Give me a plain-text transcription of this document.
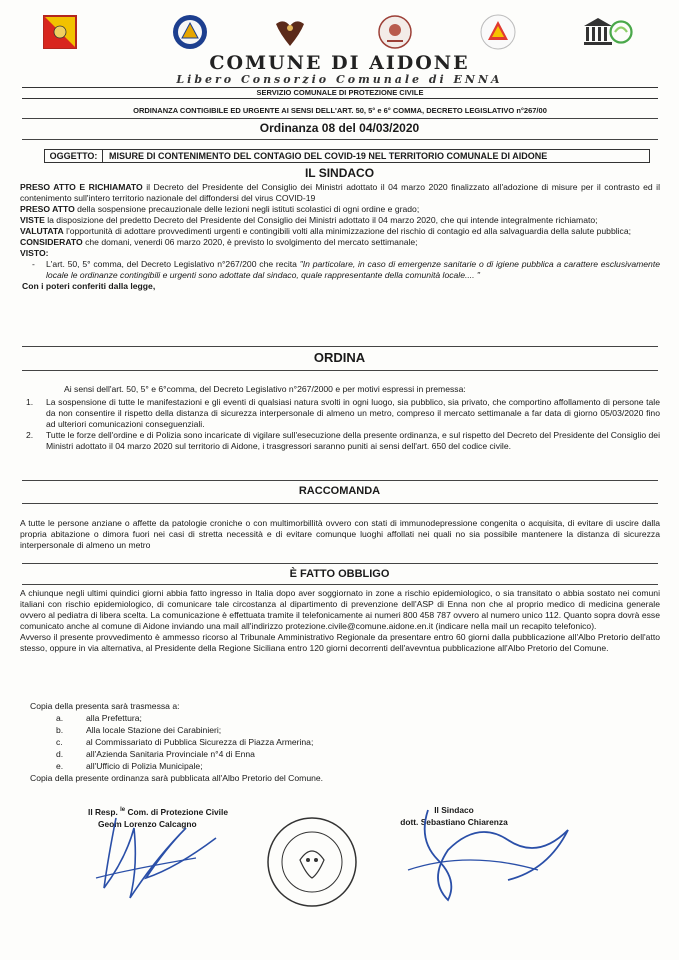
COMUNE DI AIDONE
Libero Consorzio Comunale di ENNA
SERVIZIO COMUNALE DI PROTEZIONE CIVILE
ORDINANZA CONTIGIBILE ED URGENTE AI SENSI DELL'ART. 50, 5° e 6° COMMA, DECRETO LEGISLATIVO n°267/00
Ordinanza 08 del 04/03/2020
OGGETTO:	MISURE DI CONTENIMENTO DEL CONTAGIO DEL COVID-19 NEL TERRITORIO COMUNALE DI AIDONE
IL SINDACO

PRESO ATTO E RICHIAMATO il Decreto del Presidente del Consiglio dei Ministri adottato il 04 marzo 2020 finalizzato all'adozione di misure per il contrasto ed il contenimento sull'intero territorio nazionale del diffondersi del virus COVID-19

PRESO ATTO della sospensione precauzionale delle lezioni negli istituti scolastici di ogni ordine e grado;

VISTE la disposizione del predetto Decreto del Presidente del Consiglio dei Ministri adottato il 04 marzo 2020, che qui intende integralmente richiamato;

VALUTATA l'opportunità di adottare provvedimenti urgenti e contingibili volti alla minimizzazione del rischio di contagio ed alla salvaguardia della salute pubblica;

CONSIDERATO che domani, venerdi 06 marzo 2020, è previsto lo svolgimento del mercato settimanale;

VISTO:

- L'art. 50, 5° comma, del Decreto Legislativo n°267/200 che recita "In particolare, in caso di emergenze sanitarie o di igiene pubblica a carattere esclusivamente locale le ordinanze contingibili e urgenti sono adottate dal sindaco, quale rappresentante della comunità locale.... "

Con i poteri conferiti dalla legge,

ORDINA

Ai sensi dell'art. 50, 5° e 6°comma, del Decreto Legislativo n°267/2000 e per motivi espressi in premessa:

1. La sospensione di tutte le manifestazioni e gli eventi di qualsiasi natura svolti in ogni luogo, sia pubblico, sia privato, che comportino affollamento di persone tale da non consentire il rispetto della distanza di sicurezza interpersonale di almeno un metro, compreso il mercato settimanale a far data di giorno 05/03/2020 fino ad ulteriori comunicazioni conseguenziali.
2. Tutte le forze dell'ordine e di Polizia sono incaricate di vigilare sull'esecuzione della presente ordinanza, e sul rispetto del Decreto del Presidente del Consiglio dei Ministri adottato il 04 marzo 2020 sul territorio di Aidone, i trasgressori saranno puniti ai sensi dell'art. 650 del codice civile.
RACCOMANDA
A tutte le persone anziane o affette da patologie croniche o con multimorbillità ovvero con stati di immunodepressione congenita o acquisita, di evitare di uscire dalla propria abitazione o dimora fuori nei casi di stretta necessità e di evitare comunque luoghi affollati nei quali no sia possibile mantenere la distanza di sicurezza interpersonale di almeno un metro
È FATTO OBBLIGO

A chiunque negli ultimi quindici giorni abbia fatto ingresso in Italia dopo aver soggiornato in zone a rischio epidemiologico, o sia transitato o abbia sostato nei comuni italiani con rischio epidemiologico, di comunicare tale circostanza al dipartimento di prevenzione dell'ASP di Enna non che al proprio medico di medicina generale ovvero al pediatra di libera scelta. La comunicazione è effettuata tramite il telefonicamente ai numeri 800 458 787 ovvero al numero unico 112. Quanto sopra dovrà esse comunicato anche al comune di Aidone inviando una mail all'indirizzo protezione.civile@comune.aidone.en.it (indicare nella mail un recapito telefonico).

Avverso il presente provvedimento è ammesso ricorso al Tribunale Amministrativo Regionale da presentare entro 60 giorni dalla pubblicazione all'Albo Pretorio dell'atto stesso, oppure in via alternativa, al Presidente della Regione Siciliana entro 120 giorni decorrenti dell'avevntua pubblicazione all'Albo Pretorio del Comune.

Copia della presenta sarà trasmessa a:

a.	alla Prefettura;
b.	Alla locale Stazione dei Carabinieri;
c.	al Commissariato di Pubblica Sicurezza di Piazza Armerina;
d.	all'Azienda Sanitaria Provinciale n°4 di Enna
e.	all'Ufficio di Polizia Municipale;

Copia della presente ordinanza sarà pubblicata all'Albo Pretorio del Comune.

Il Resp. $^{le}$ Com. di Protezione Civile
Geom Lorenzo Calcagno
Il Sindaco
dott. Sebastiano Chiarenza
